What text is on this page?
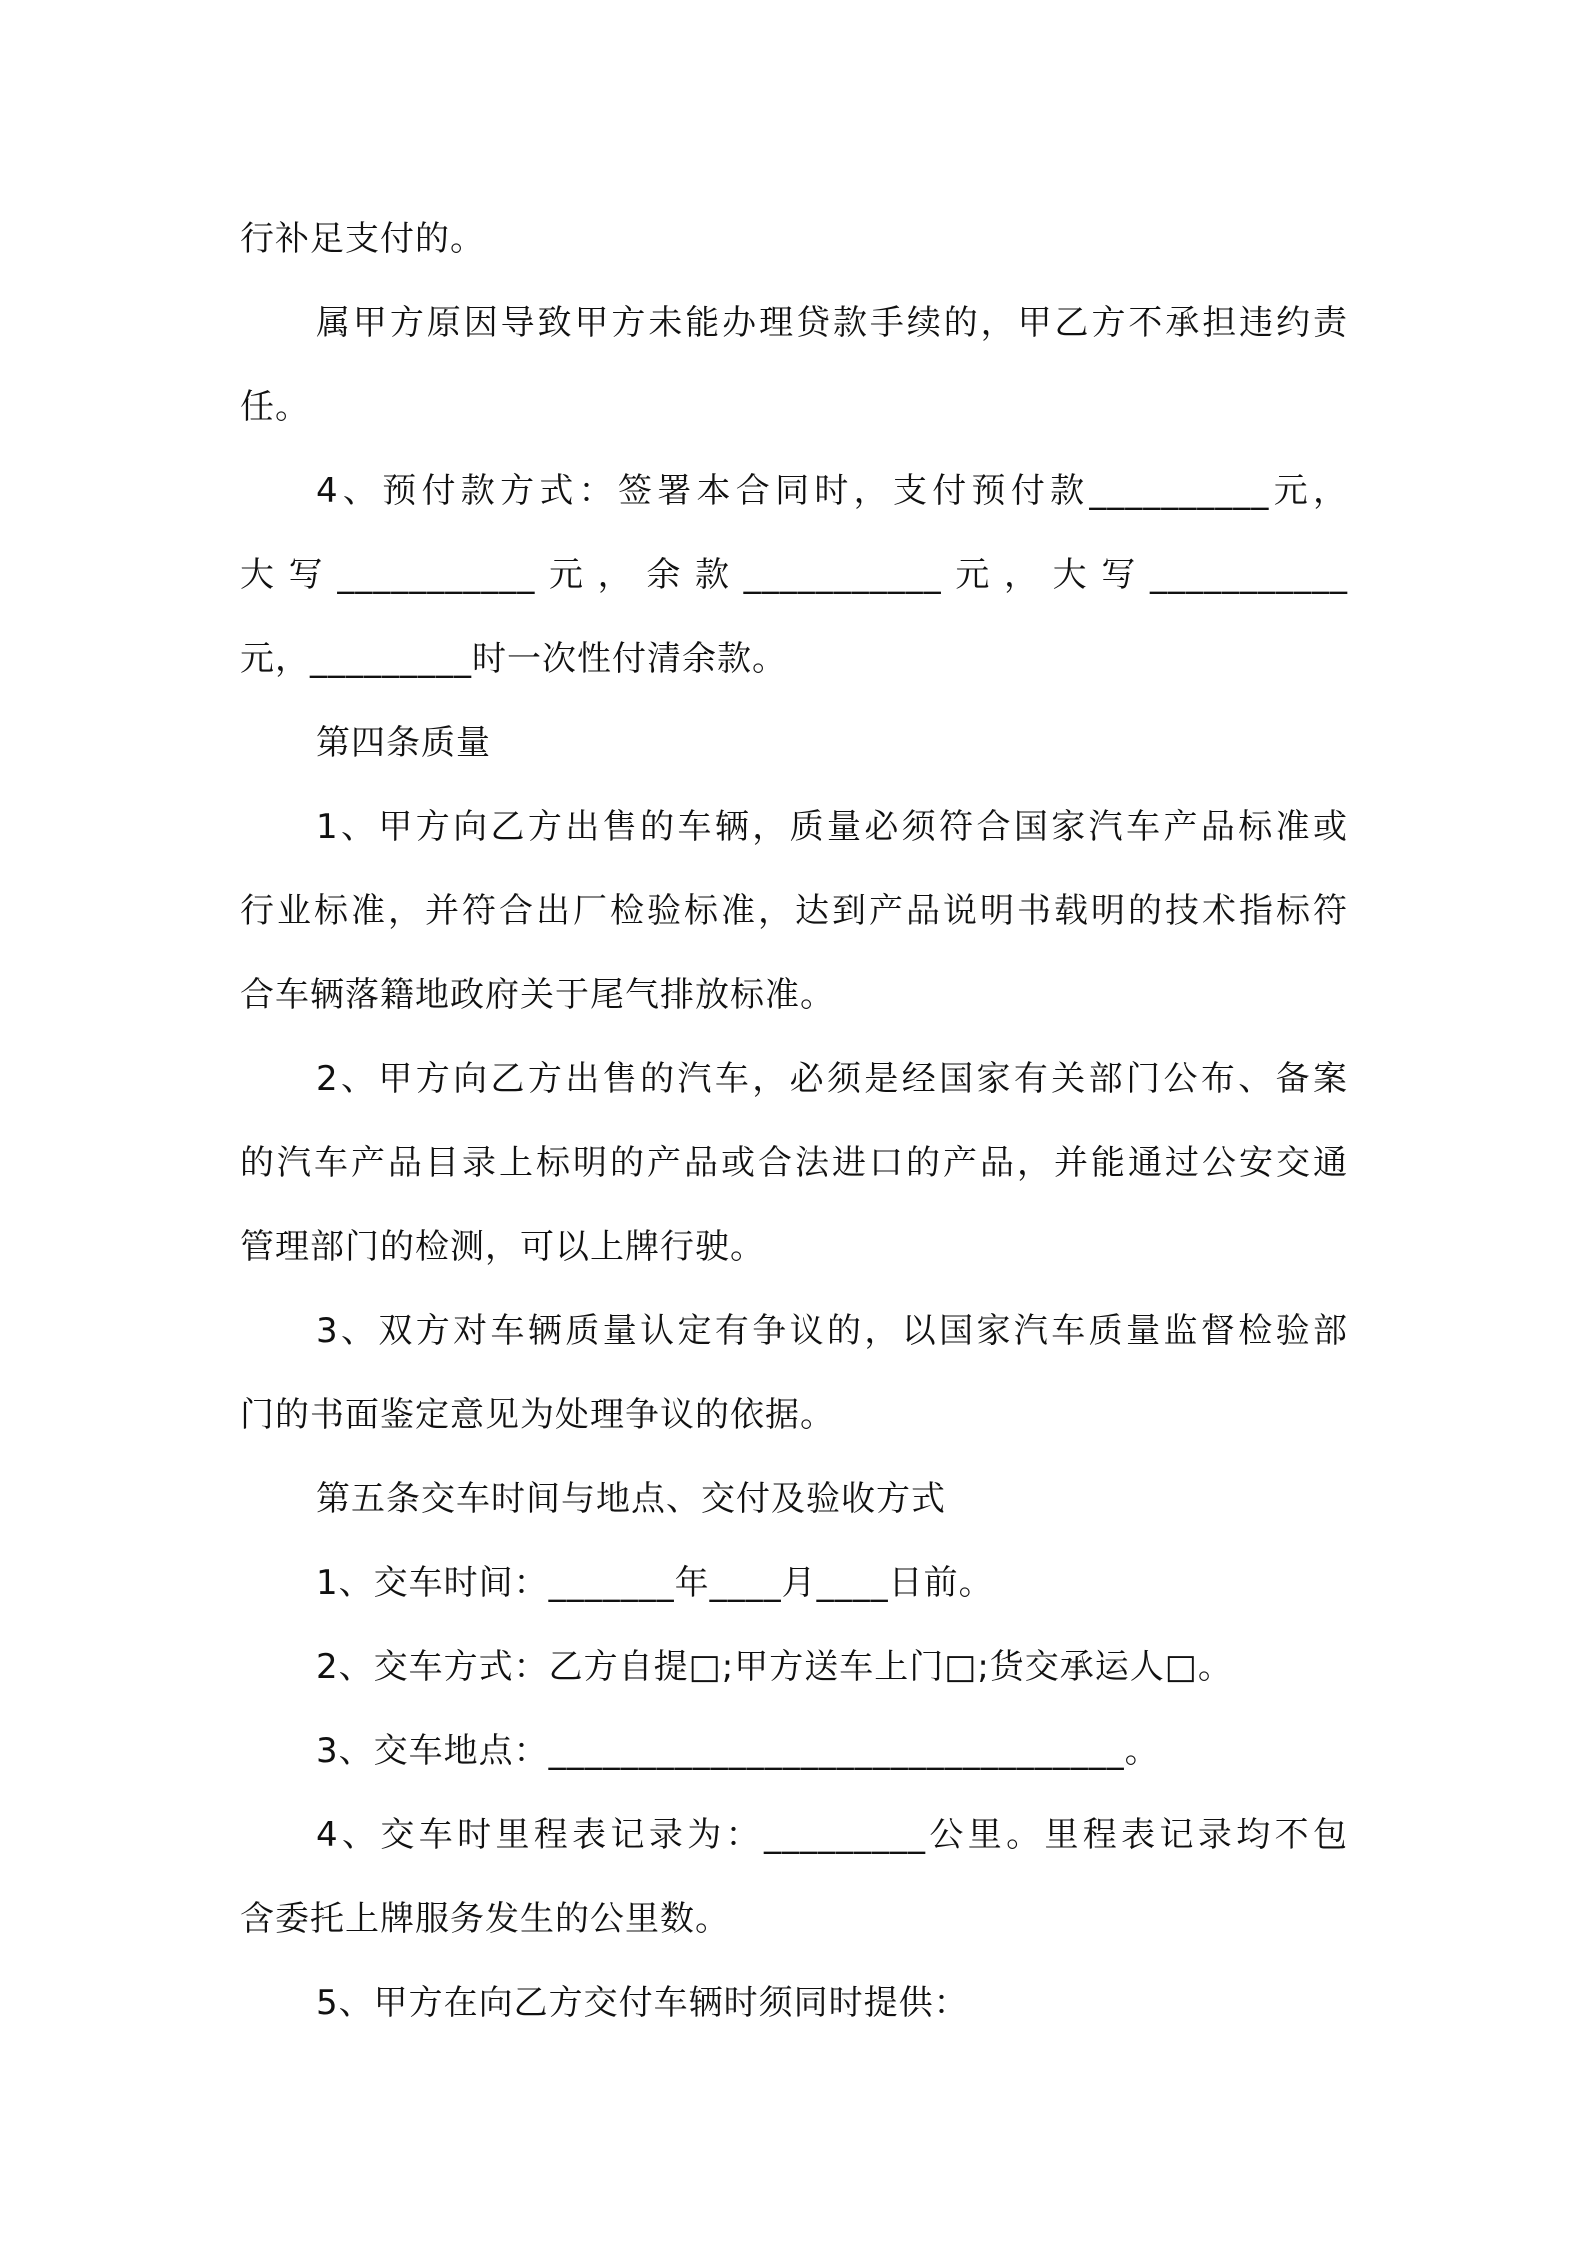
行补足支付的。
属甲方原因导致甲方未能办理贷款手续的，甲乙方不承担违约责
任。
4、预付款方式：签署本合同时，支付预付款__________元，
大写___________元，余款___________元，大写___________
元，_________时一次性付清余款。
第四条质量
1、甲方向乙方出售的车辆，质量必须符合国家汽车产品标准或
行业标准，并符合出厂检验标准，达到产品说明书载明的技术指标符
合车辆落籍地政府关于尾气排放标准。
2、甲方向乙方出售的汽车，必须是经国家有关部门公布、备案
的汽车产品目录上标明的产品或合法进口的产品，并能通过公安交通
管理部门的检测，可以上牌行驶。
3、双方对车辆质量认定有争议的，以国家汽车质量监督检验部
门的书面鉴定意见为处理争议的依据。
第五条交车时间与地点、交付及验收方式
1、交车时间：_______年____月____日前。
2、交车方式：乙方自提□;甲方送车上门□;货交承运人□。
3、交车地点：________________________________。
4、交车时里程表记录为：_________公里。里程表记录均不包
含委托上牌服务发生的公里数。
5、甲方在向乙方交付车辆时须同时提供：
